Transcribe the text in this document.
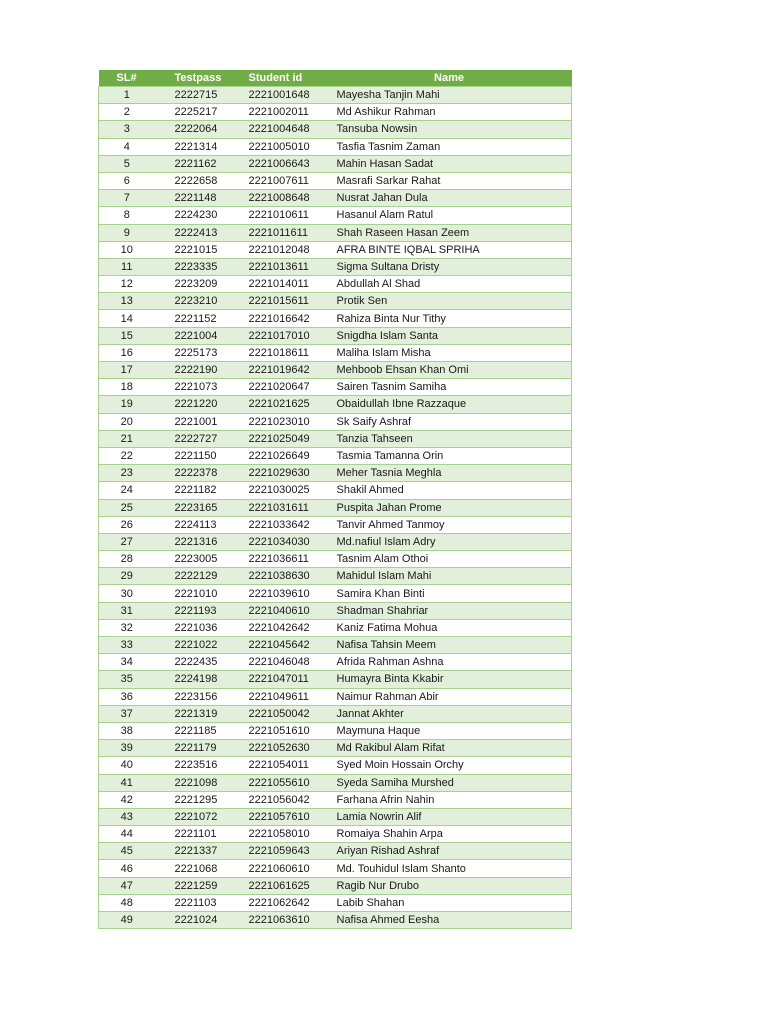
SL#	Testpass	Student id	Name
1	2222715	2221001648	Mayesha Tanjin Mahi
2	2225217	2221002011	Md Ashikur Rahman
3	2222064	2221004648	Tansuba Nowsin
4	2221314	2221005010	Tasfia Tasnim Zaman
5	2221162	2221006643	Mahin Hasan Sadat
6	2222658	2221007611	Masrafi Sarkar Rahat
7	2221148	2221008648	Nusrat Jahan Dula
8	2224230	2221010611	Hasanul Alam Ratul
9	2222413	2221011611	Shah Raseen Hasan Zeem
10	2221015	2221012048	AFRA BINTE IQBAL SPRIHA
11	2223335	2221013611	Sigma Sultana Dristy
12	2223209	2221014011	Abdullah Al Shad
13	2223210	2221015611	Protik Sen
14	2221152	2221016642	Rahiza Binta Nur Tithy
15	2221004	2221017010	Snigdha Islam Santa
16	2225173	2221018611	Maliha Islam Misha
17	2222190	2221019642	Mehboob Ehsan Khan Omi
18	2221073	2221020647	Sairen Tasnim Samiha
19	2221220	2221021625	Obaidullah Ibne Razzaque
20	2221001	2221023010	Sk Saify Ashraf
21	2222727	2221025049	Tanzia Tahseen
22	2221150	2221026649	Tasmia Tamanna Orin
23	2222378	2221029630	Meher Tasnia Meghla
24	2221182	2221030025	Shakil Ahmed
25	2223165	2221031611	Puspita Jahan Prome
26	2224113	2221033642	Tanvir Ahmed Tanmoy
27	2221316	2221034030	Md.nafiul Islam Adry
28	2223005	2221036611	Tasnim Alam Othoi
29	2222129	2221038630	Mahidul Islam Mahi
30	2221010	2221039610	Samira Khan Binti
31	2221193	2221040610	Shadman Shahriar
32	2221036	2221042642	Kaniz Fatima Mohua
33	2221022	2221045642	Nafisa Tahsin Meem
34	2222435	2221046048	Afrida Rahman Ashna
35	2224198	2221047011	Humayra Binta Kkabir
36	2223156	2221049611	Naimur Rahman Abir
37	2221319	2221050042	Jannat Akhter
38	2221185	2221051610	Maymuna Haque
39	2221179	2221052630	Md Rakibul Alam Rifat
40	2223516	2221054011	Syed Moin Hossain Orchy
41	2221098	2221055610	Syeda Samiha Murshed
42	2221295	2221056042	Farhana Afrin Nahin
43	2221072	2221057610	Lamia Nowrin Alif
44	2221101	2221058010	Romaiya Shahin Arpa
45	2221337	2221059643	Ariyan Rishad Ashraf
46	2221068	2221060610	Md. Touhidul Islam Shanto
47	2221259	2221061625	Ragib Nur Drubo
48	2221103	2221062642	Labib Shahan
49	2221024	2221063610	Nafisa Ahmed Eesha
